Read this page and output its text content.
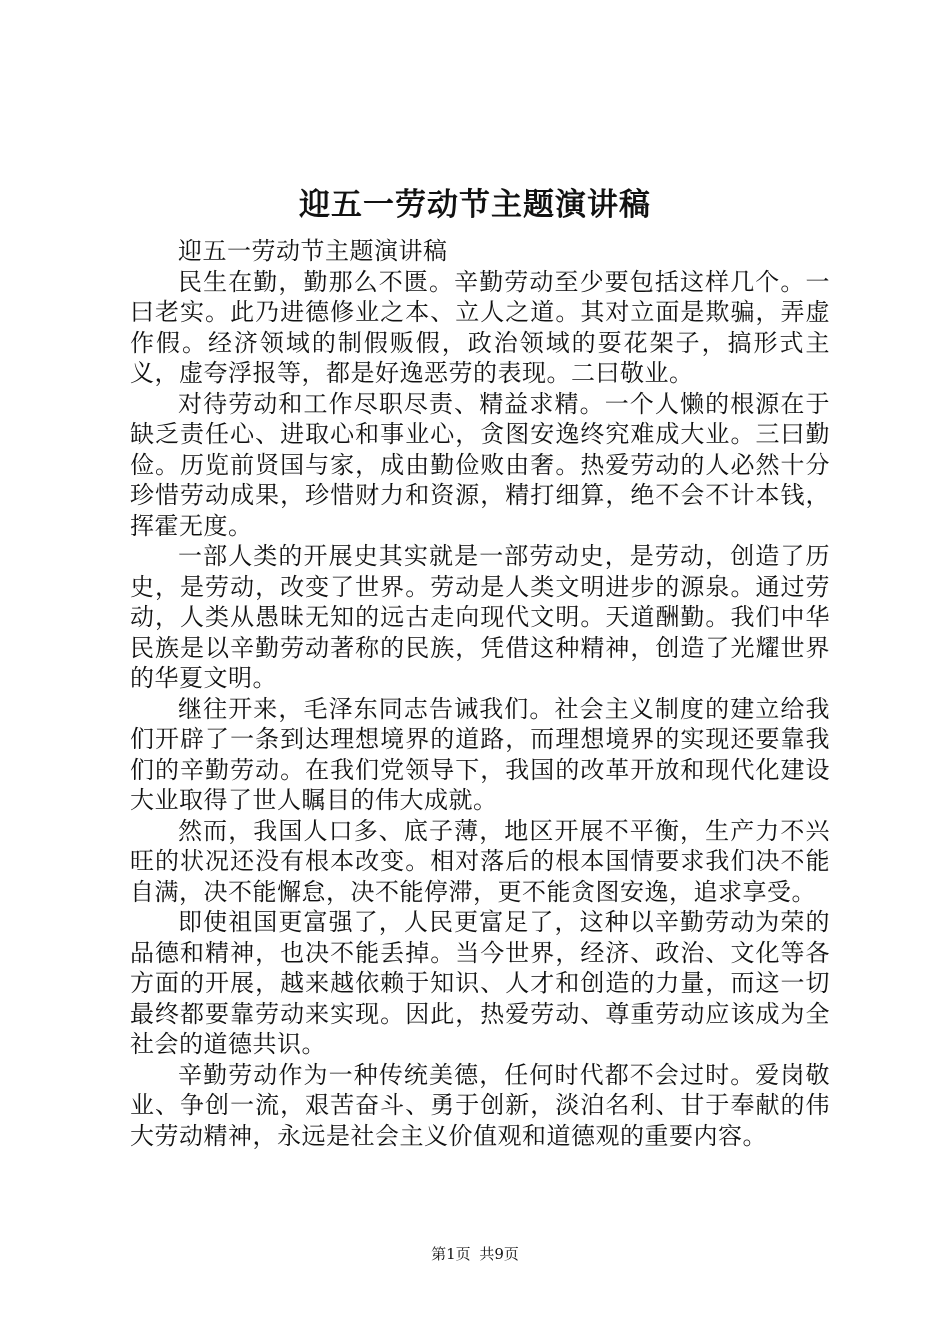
迎五一劳动节主题演讲稿

迎五一劳动节主题演讲稿

民生在勤，勤那么不匮。辛勤劳动至少要包括这样几个。一曰老实。此乃进德修业之本、立人之道。其对立面是欺骗，弄虚作假。经济领域的制假贩假，政治领域的耍花架子，搞形式主义，虚夸浮报等，都是好逸恶劳的表现。二曰敬业。

对待劳动和工作尽职尽责、精益求精。一个人懒的根源在于缺乏责任心、进取心和事业心，贪图安逸终究难成大业。三曰勤俭。历览前贤国与家，成由勤俭败由奢。热爱劳动的人必然十分珍惜劳动成果，珍惜财力和资源，精打细算，绝不会不计本钱，挥霍无度。

一部人类的开展史其实就是一部劳动史，是劳动，创造了历史，是劳动，改变了世界。劳动是人类文明进步的源泉。通过劳动，人类从愚昧无知的远古走向现代文明。天道酬勤。我们中华民族是以辛勤劳动著称的民族，凭借这种精神，创造了光耀世界的华夏文明。

继往开来，毛泽东同志告诫我们。社会主义制度的建立给我们开辟了一条到达理想境界的道路，而理想境界的实现还要靠我们的辛勤劳动。在我们党领导下，我国的改革开放和现代化建设大业取得了世人瞩目的伟大成就。

然而，我国人口多、底子薄，地区开展不平衡，生产力不兴旺的状况还没有根本改变。相对落后的根本国情要求我们决不能自满，决不能懈怠，决不能停滞，更不能贪图安逸，追求享受。

即使祖国更富强了，人民更富足了，这种以辛勤劳动为荣的品德和精神，也决不能丢掉。当今世界，经济、政治、文化等各方面的开展，越来越依赖于知识、人才和创造的力量，而这一切最终都要靠劳动来实现。因此，热爱劳动、尊重劳动应该成为全社会的道德共识。

辛勤劳动作为一种传统美德，任何时代都不会过时。爱岗敬业、争创一流，艰苦奋斗、勇于创新，淡泊名利、甘于奉献的伟大劳动精神，永远是社会主义价值观和道德观的重要内容。

第1页 共9页
